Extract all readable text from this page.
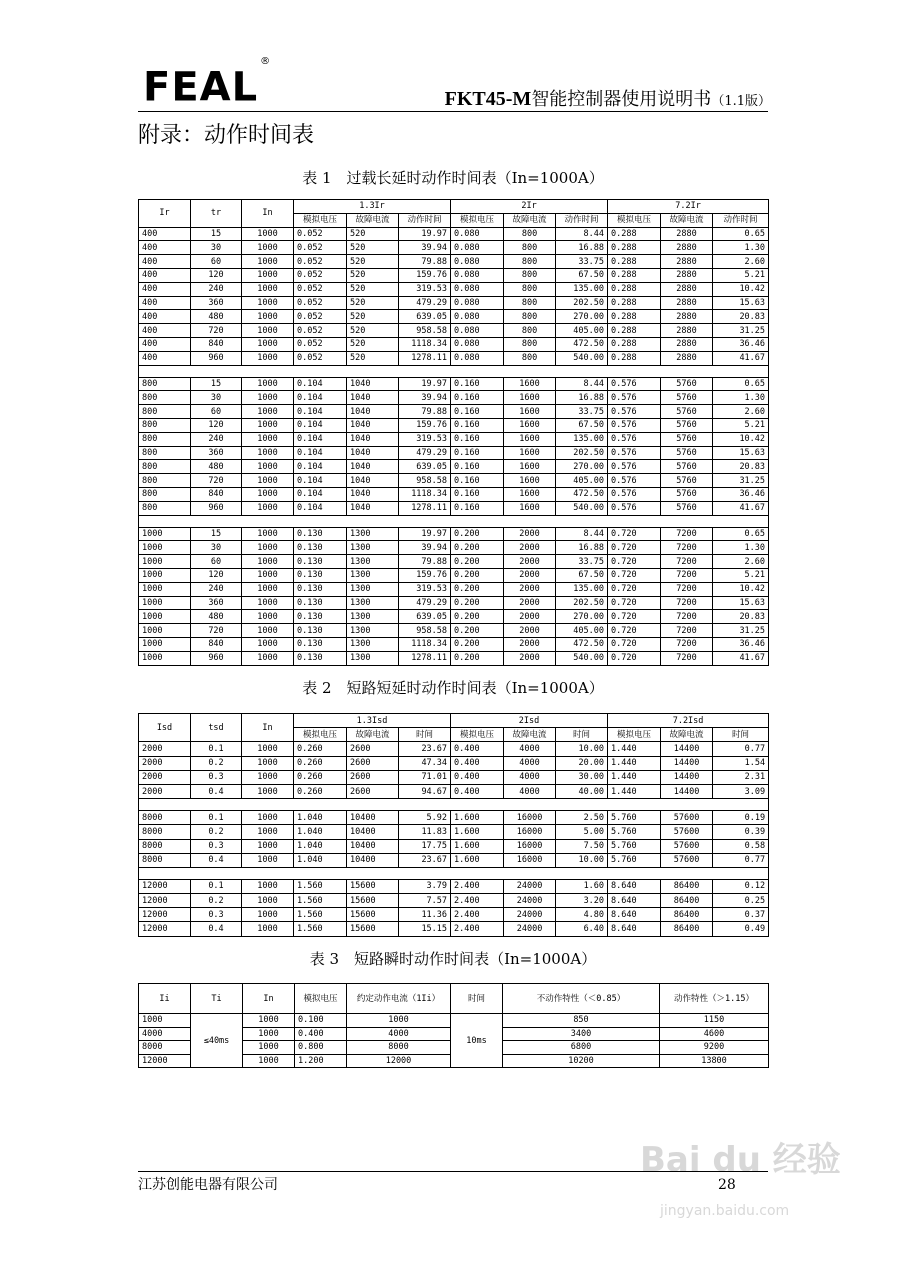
FEAL®
FKT45-M智能控制器使用说明书（1.1版）
附录：动作时间表
表 1　过载长延时动作时间表（In=1000A）
Ir	tr	In	1.3Ir			2Ir			7.2Ir		
			模拟电压	故障电流	动作时间	模拟电压	故障电流	动作时间	模拟电压	故障电流	动作时间
400	15	1000	0.052	520	19.97	0.080	800	8.44	0.288	2880	0.65
400	30	1000	0.052	520	39.94	0.080	800	16.88	0.288	2880	1.30
400	60	1000	0.052	520	79.88	0.080	800	33.75	0.288	2880	2.60
400	120	1000	0.052	520	159.76	0.080	800	67.50	0.288	2880	5.21
400	240	1000	0.052	520	319.53	0.080	800	135.00	0.288	2880	10.42
400	360	1000	0.052	520	479.29	0.080	800	202.50	0.288	2880	15.63
400	480	1000	0.052	520	639.05	0.080	800	270.00	0.288	2880	20.83
400	720	1000	0.052	520	958.58	0.080	800	405.00	0.288	2880	31.25
400	840	1000	0.052	520	1118.34	0.080	800	472.50	0.288	2880	36.46
400	960	1000	0.052	520	1278.11	0.080	800	540.00	0.288	2880	41.67

800	15	1000	0.104	1040	19.97	0.160	1600	8.44	0.576	5760	0.65
800	30	1000	0.104	1040	39.94	0.160	1600	16.88	0.576	5760	1.30
800	60	1000	0.104	1040	79.88	0.160	1600	33.75	0.576	5760	2.60
800	120	1000	0.104	1040	159.76	0.160	1600	67.50	0.576	5760	5.21
800	240	1000	0.104	1040	319.53	0.160	1600	135.00	0.576	5760	10.42
800	360	1000	0.104	1040	479.29	0.160	1600	202.50	0.576	5760	15.63
800	480	1000	0.104	1040	639.05	0.160	1600	270.00	0.576	5760	20.83
800	720	1000	0.104	1040	958.58	0.160	1600	405.00	0.576	5760	31.25
800	840	1000	0.104	1040	1118.34	0.160	1600	472.50	0.576	5760	36.46
800	960	1000	0.104	1040	1278.11	0.160	1600	540.00	0.576	5760	41.67

1000	15	1000	0.130	1300	19.97	0.200	2000	8.44	0.720	7200	0.65
1000	30	1000	0.130	1300	39.94	0.200	2000	16.88	0.720	7200	1.30
1000	60	1000	0.130	1300	79.88	0.200	2000	33.75	0.720	7200	2.60
1000	120	1000	0.130	1300	159.76	0.200	2000	67.50	0.720	7200	5.21
1000	240	1000	0.130	1300	319.53	0.200	2000	135.00	0.720	7200	10.42
1000	360	1000	0.130	1300	479.29	0.200	2000	202.50	0.720	7200	15.63
1000	480	1000	0.130	1300	639.05	0.200	2000	270.00	0.720	7200	20.83
1000	720	1000	0.130	1300	958.58	0.200	2000	405.00	0.720	7200	31.25
1000	840	1000	0.130	1300	1118.34	0.200	2000	472.50	0.720	7200	36.46
1000	960	1000	0.130	1300	1278.11	0.200	2000	540.00	0.720	7200	41.67
表 2　短路短延时动作时间表（In=1000A）
Isd	tsd	In	1.3Isd			2Isd			7.2Isd		
			模拟电压	故障电流	时间	模拟电压	故障电流	时间	模拟电压	故障电流	时间
2000	0.1	1000	0.260	2600	23.67	0.400	4000	10.00	1.440	14400	0.77
2000	0.2	1000	0.260	2600	47.34	0.400	4000	20.00	1.440	14400	1.54
2000	0.3	1000	0.260	2600	71.01	0.400	4000	30.00	1.440	14400	2.31
2000	0.4	1000	0.260	2600	94.67	0.400	4000	40.00	1.440	14400	3.09

8000	0.1	1000	1.040	10400	5.92	1.600	16000	2.50	5.760	57600	0.19
8000	0.2	1000	1.040	10400	11.83	1.600	16000	5.00	5.760	57600	0.39
8000	0.3	1000	1.040	10400	17.75	1.600	16000	7.50	5.760	57600	0.58
8000	0.4	1000	1.040	10400	23.67	1.600	16000	10.00	5.760	57600	0.77

12000	0.1	1000	1.560	15600	3.79	2.400	24000	1.60	8.640	86400	0.12
12000	0.2	1000	1.560	15600	7.57	2.400	24000	3.20	8.640	86400	0.25
12000	0.3	1000	1.560	15600	11.36	2.400	24000	4.80	8.640	86400	0.37
12000	0.4	1000	1.560	15600	15.15	2.400	24000	6.40	8.640	86400	0.49
表 3　短路瞬时动作时间表（In=1000A）
Ii	Ti	In	模拟电压	约定动作电流（1Ii）	时间	不动作特性（＜0.85）	动作特性（＞1.15）
1000	≤40ms	1000	0.100	1000	10ms	850	1150
4000		1000	0.400	4000		3400	4600
8000		1000	0.800	8000		6800	9200
12000		1000	1.200	12000		10200	13800
Bai du 经验
jingyan.baidu.com
江苏创能电器有限公司	28
